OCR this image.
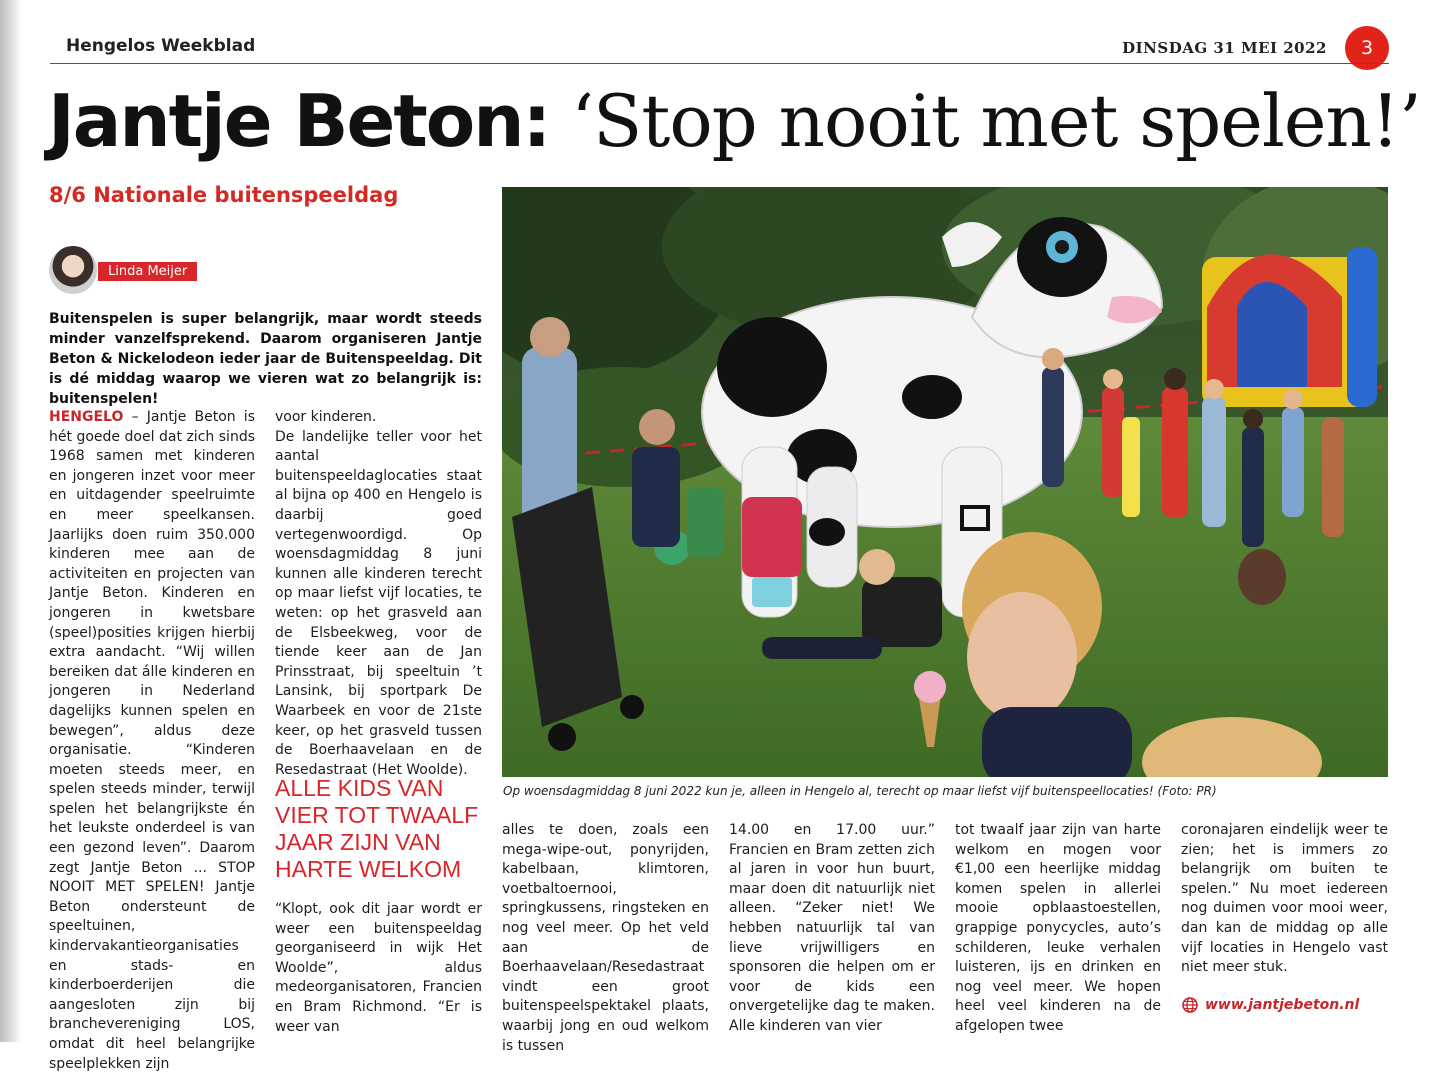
Hengelos Weekblad	DINSDAG 31 MEI 2022	3
Jantje Beton: ‘Stop nooit met spelen!’
8/6 Nationale buitenspeeldag
Linda Meijer
Buitenspelen is super belangrijk, maar wordt steeds minder vanzelfsprekend. Daarom organiseren Jantje Beton & Nickelodeon ieder jaar de Buitenspeeldag. Dit is dé middag waarop we vieren wat zo belangrijk is: buitenspelen!

HENGELO – Jantje Beton is hét goede doel dat zich sinds 1968 samen met kinderen en jongeren inzet voor meer en uitdagender speelruimte en meer speelkansen. Jaarlijks doen ruim 350.000 kinderen mee aan de activiteiten en projecten van Jantje Beton. Kinderen en jongeren in kwetsbare (speel)posities krijgen hierbij extra aandacht. “Wij willen bereiken dat álle kinderen en jongeren in Nederland dagelijks kunnen spelen en bewegen”, aldus deze organisatie. “Kinderen moeten steeds meer, en spelen steeds minder, terwijl spelen het belangrijkste én het leukste onderdeel is van een gezond leven”. Daarom zegt Jantje Beton ... STOP NOOIT MET SPELEN! Jantje Beton ondersteunt de speeltuinen, kindervakantieorganisaties en stads- en kinderboerderijen die aangesloten zijn bij branchevereniging LOS, omdat dit heel belangrijke speelplekken zijn

voor kinderen.

De landelijke teller voor het aantal buitenspeeldaglocaties staat al bijna op 400 en Hengelo is daarbij goed vertegenwoordigd. Op woensdagmiddag 8 juni kunnen alle kinderen terecht op maar liefst vijf locaties, te weten: op het grasveld aan de Elsbeekweg, voor de tiende keer aan de Jan Prinsstraat, bij speeltuin ’t Lansink, bij sportpark De Waarbeek en voor de 21ste keer, op het grasveld tussen de Boerhaavelaan en de Resedastraat (Het Woolde).

ALLE KIDS VAN VIER TOT TWAALF JAAR ZIJN VAN HARTE WELKOM

“Klopt, ook dit jaar wordt er weer een buitenspeeldag georganiseerd in wijk Het Woolde”, aldus medeorganisatoren, Francien en Bram Richmond. “Er is weer van

alles te doen, zoals een mega-wipe-out, ponyrijden, kabelbaan, klimtoren, voetbaltoernooi, springkussens, ringsteken en nog veel meer. Op het veld aan de Boerhaavelaan/Resedastraat vindt een groot buitenspeelspektakel plaats, waarbij jong en oud welkom is tussen

14.00 en 17.00 uur.” Francien en Bram zetten zich al jaren in voor hun buurt, maar doen dit natuurlijk niet alleen. “Zeker niet! We hebben natuurlijk tal van lieve vrijwilligers en sponsoren die helpen om er voor de kids een onvergetelijke dag te maken. Alle kinderen van vier

tot twaalf jaar zijn van harte welkom en mogen voor €1,00 een heerlijke middag komen spelen in allerlei mooie opblaastoestellen, grappige ponycycles, auto’s schilderen, leuke verhalen luisteren, ijs en drinken en nog veel meer. We hopen heel veel kinderen na de afgelopen twee

coronajaren eindelijk weer te zien; het is immers zo belangrijk om buiten te spelen.” Nu moet iedereen nog duimen voor mooi weer, dan kan de middag op alle vijf locaties in Hengelo vast niet meer stuk.

www.jantjebeton.nl
Op woensdagmiddag 8 juni 2022 kun je, alleen in Hengelo al, terecht op maar liefst vijf buitenspeellocaties! (Foto: PR)
